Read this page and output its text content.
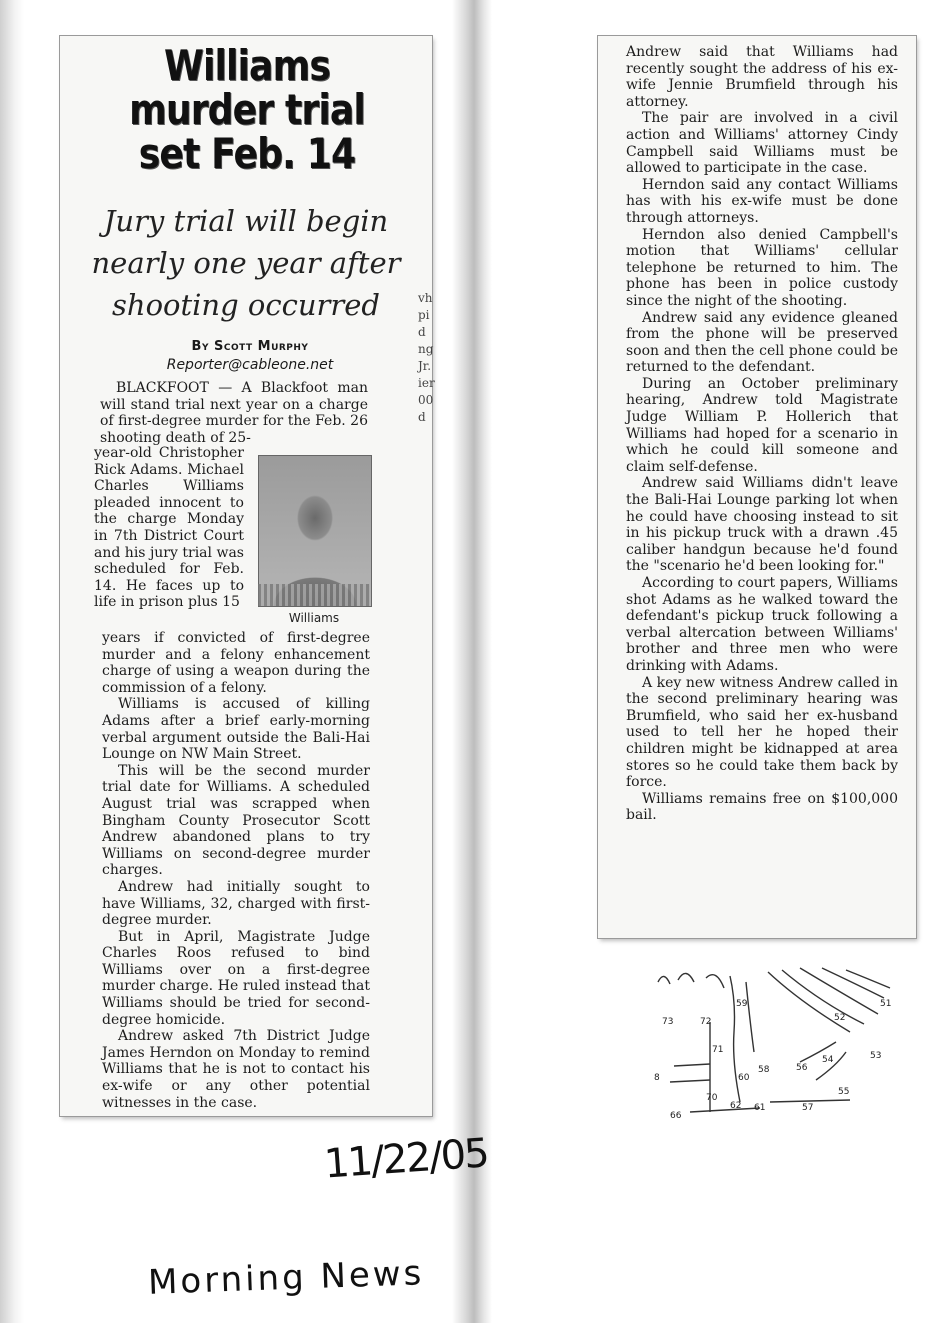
vh
pi
d
ng
Jr.
ier
00
d
Williams
murder trial
set Feb. 14
Jury trial will begin
nearly one year after
shooting occurred
By Scott Murphy
Reporter@cableone.net
Williams

BLACKFOOT — A Blackfoot man will stand trial next year on a charge of first-degree murder for the Feb. 26 shooting death of 25-

year-old Christopher Rick Adams. Michael Charles Williams pleaded innocent to the charge Monday in 7th District Court and his jury trial was scheduled for Feb. 14. He faces up to life in prison plus 15

years if convicted of first-degree murder and a felony enhancement charge of using a weapon during the commission of a felony.

Williams is accused of killing Adams after a brief early-morning verbal argument outside the Bali-Hai Lounge on NW Main Street.

This will be the second murder trial date for Williams. A scheduled August trial was scrapped when Bingham County Prosecutor Scott Andrew abandoned plans to try Williams on second-degree murder charges.

Andrew had initially sought to have Williams, 32, charged with first-degree murder.

But in April, Magistrate Judge Charles Roos refused to bind Williams over on a first-degree murder charge. He ruled instead that Williams should be tried for second-degree homicide.

Andrew asked 7th District Judge James Herndon on Monday to remind Williams that he is not to contact his ex-wife or any other potential witnesses in the case.

Andrew said that Williams had recently sought the address of his ex-wife Jennie Brumfield through his attorney.

The pair are involved in a civil action and Williams' attorney Cindy Campbell said Williams must be allowed to participate in the case.

Herndon said any contact Williams has with his ex-wife must be done through attorneys.

Herndon also denied Campbell's motion that Williams' cellular telephone be returned to him. The phone has been in police custody since the night of the shooting.

Andrew said any evidence gleaned from the phone will be preserved soon and then the cell phone could be returned to the defendant.

During an October preliminary hearing, Andrew told Magistrate Judge William P. Hollerich that Williams had hoped for a scenario in which he could kill someone and claim self-defense.

Andrew said Williams didn't leave the Bali-Hai Lounge parking lot when he could have choosing instead to sit in his pickup truck with a drawn .45 caliber handgun because he'd found the "scenario he'd been looking for."

According to court papers, Williams shot Adams as he walked toward the defendant's pickup truck following a verbal altercation between Williams' brother and three men who were drinking with Adams.

A key new witness Andrew called in the second preliminary hearing was Brumfield, who said her ex-husband used to tell her he hoped their children might be kidnapped at area stores so he could take them back by force.

Williams remains free on $100,000 bail.

73	72
59	51
52
71
54	53
56
58
60
55
70
57
66
62 61
8
11/22/05
Morning News
